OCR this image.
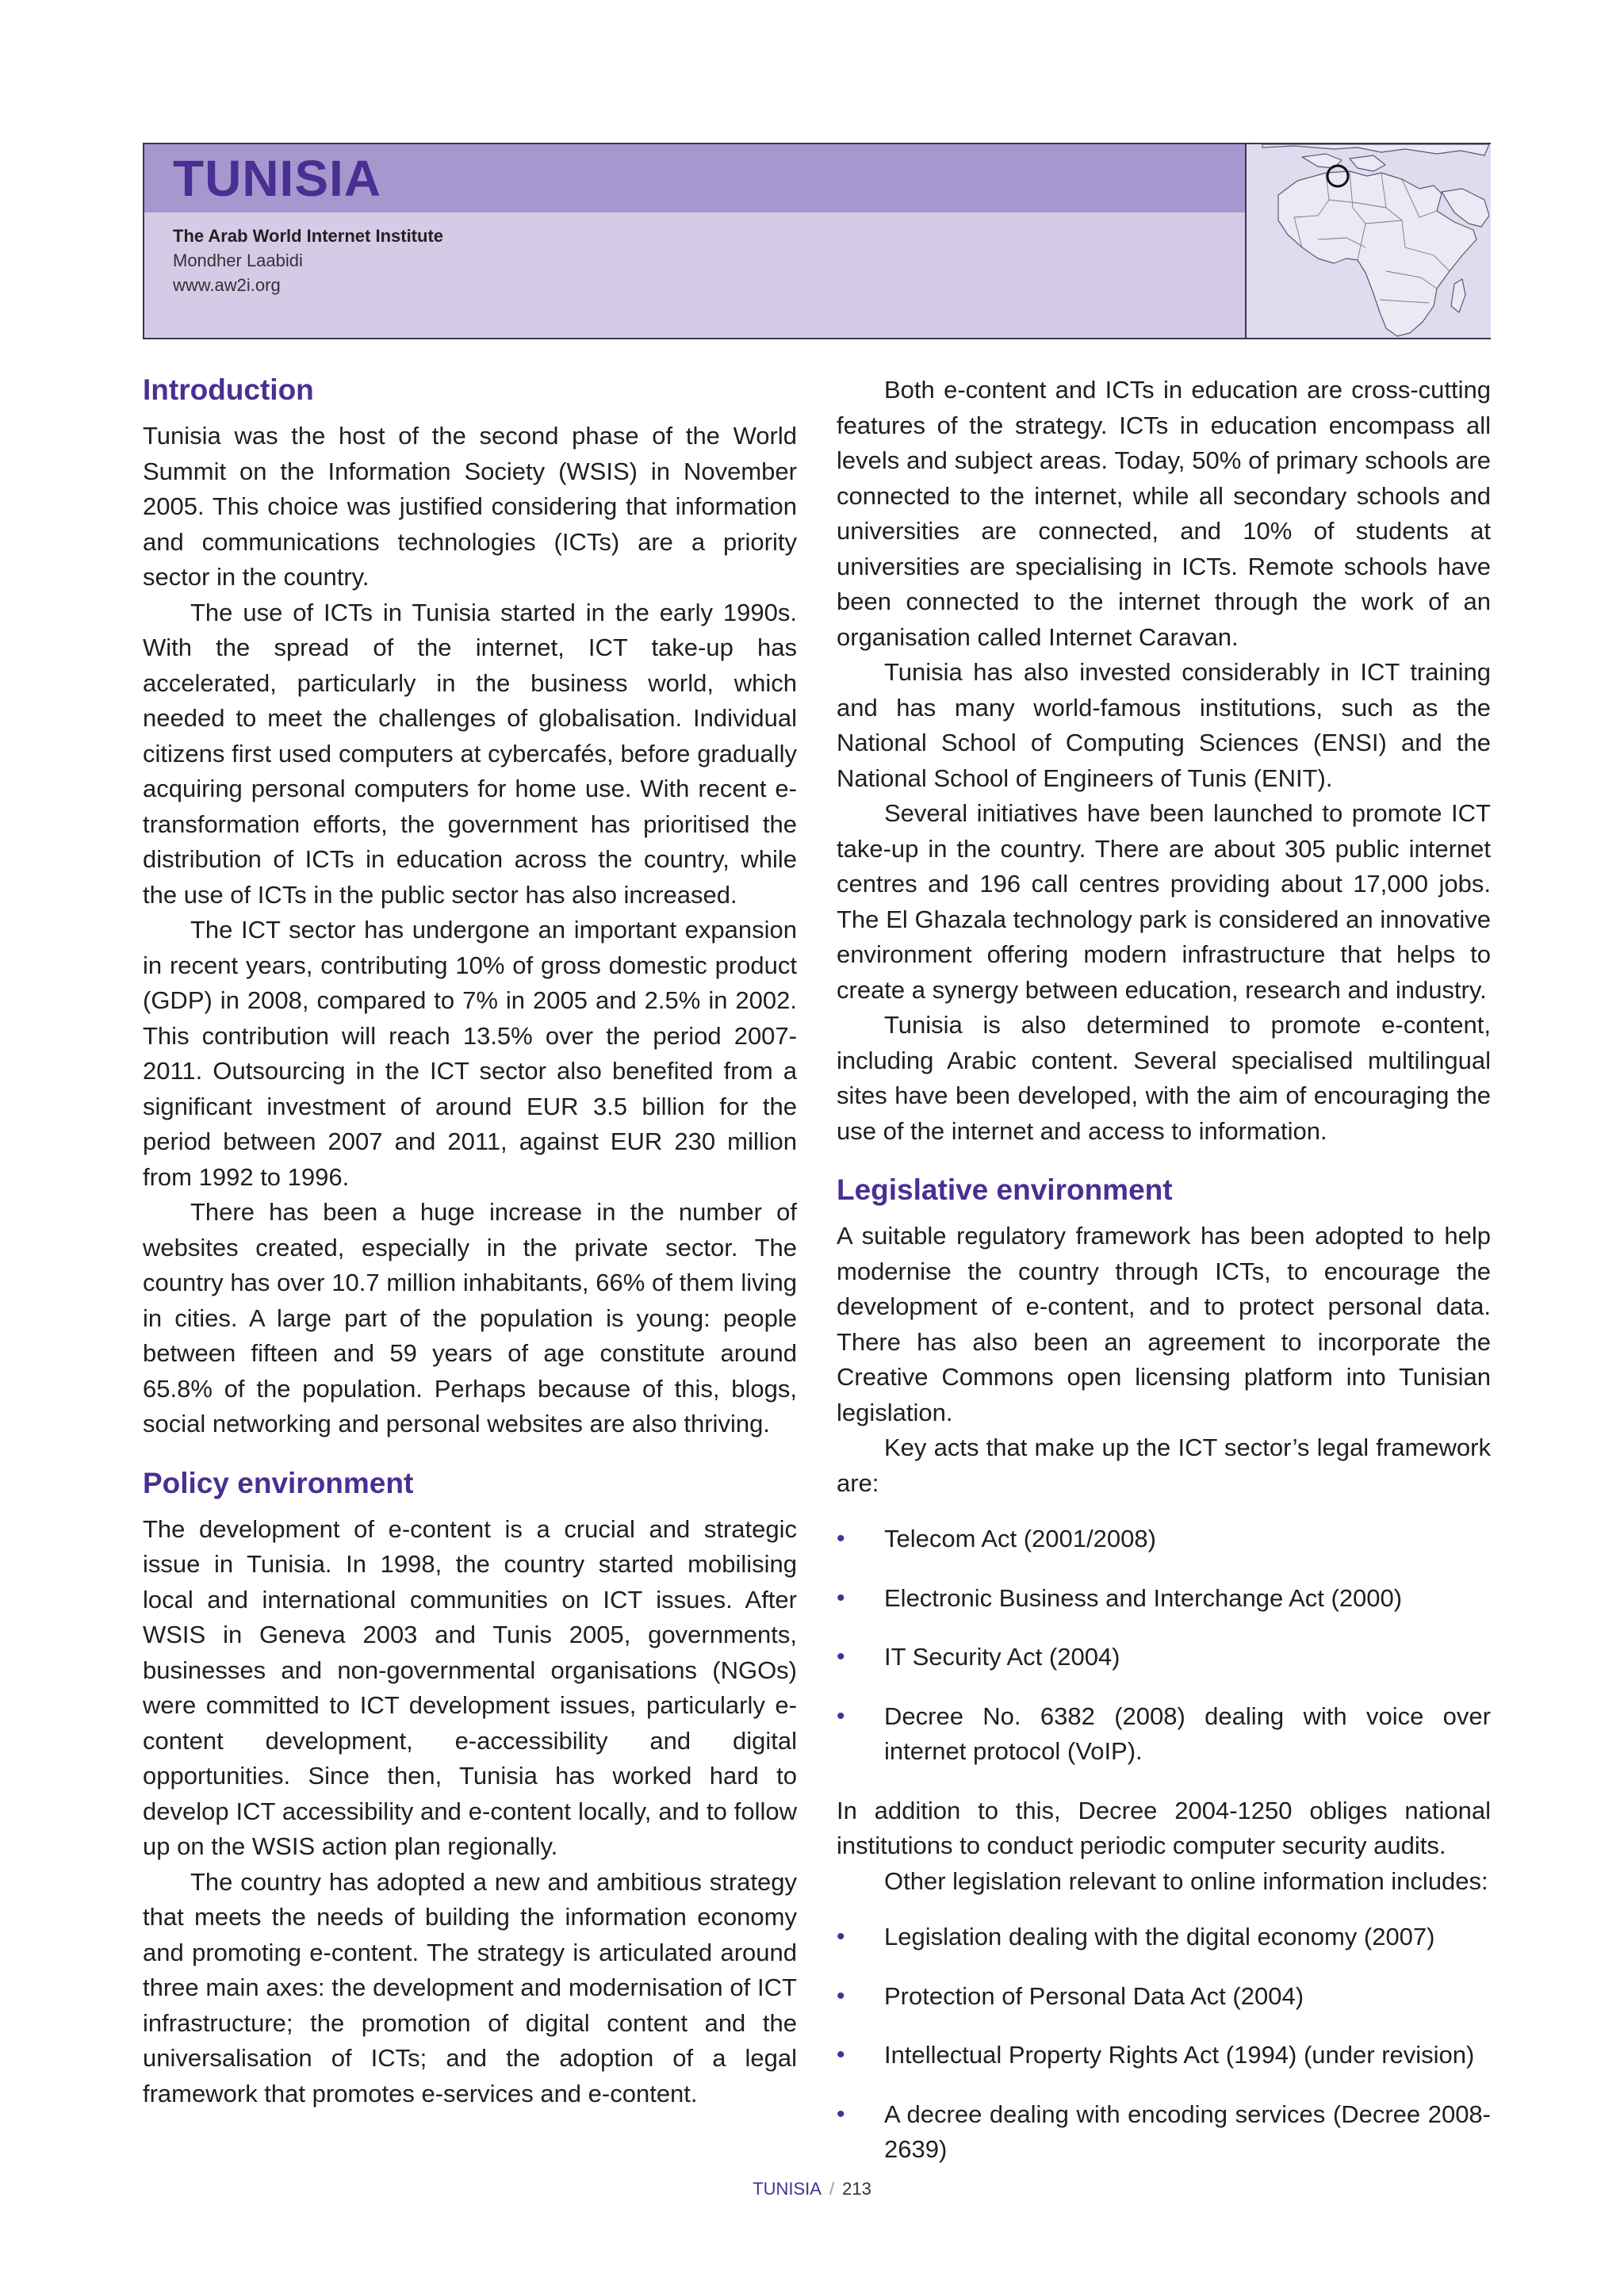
TUNISIA
The Arab World Internet Institute
Mondher Laabidi
www.aw2i.org
Introduction

Tunisia was the host of the second phase of the World Summit on the Information Society (WSIS) in November 2005. This choice was justified considering that information and communications technologies (ICTs) are a priority sector in the country.

The use of ICTs in Tunisia started in the early 1990s. With the spread of the internet, ICT take-up has accelerated, particularly in the business world, which needed to meet the challenges of globalisation. Individual citizens first used computers at cybercafés, before gradually acquiring personal computers for home use. With recent e-transformation efforts, the government has prioritised the distribution of ICTs in education across the country, while the use of ICTs in the public sector has also increased.

The ICT sector has undergone an important expansion in recent years, contributing 10% of gross domestic product (GDP) in 2008, compared to 7% in 2005 and 2.5% in 2002. This contribution will reach 13.5% over the period 2007-2011. Outsourcing in the ICT sector also benefited from a significant investment of around EUR 3.5 billion for the period between 2007 and 2011, against EUR 230 million from 1992 to 1996.

There has been a huge increase in the number of websites created, especially in the private sector. The country has over 10.7 million inhabitants, 66% of them living in cities. A large part of the population is young: people between fifteen and 59 years of age constitute around 65.8% of the population. Perhaps because of this, blogs, social networking and personal websites are also thriving.

Policy environment

The development of e-content is a crucial and strategic issue in Tunisia. In 1998, the country started mobilising local and international communities on ICT issues. After WSIS in Geneva 2003 and Tunis 2005, governments, businesses and non-governmental organisations (NGOs) were committed to ICT development issues, particularly e-content development, e-accessibility and digital opportunities. Since then, Tunisia has worked hard to develop ICT accessibility and e-content locally, and to follow up on the WSIS action plan regionally.

The country has adopted a new and ambitious strategy that meets the needs of building the information economy and promoting e-content. The strategy is articulated around three main axes: the development and modernisation of ICT infrastructure; the promotion of digital content and the universalisation of ICTs; and the adoption of a legal framework that promotes e-services and e-content.

Both e-content and ICTs in education are cross-cutting features of the strategy. ICTs in education encompass all levels and subject areas. Today, 50% of primary schools are connected to the internet, while all secondary schools and universities are connected, and 10% of students at universities are specialising in ICTs. Remote schools have been connected to the internet through the work of an organisation called Internet Caravan.

Tunisia has also invested considerably in ICT training and has many world-famous institutions, such as the National School of Computing Sciences (ENSI) and the National School of Engineers of Tunis (ENIT).

Several initiatives have been launched to promote ICT take-up in the country. There are about 305 public internet centres and 196 call centres providing about 17,000 jobs. The El Ghazala technology park is considered an innovative environment offering modern infrastructure that helps to create a synergy between education, research and industry.

Tunisia is also determined to promote e-content, including Arabic content. Several specialised multilingual sites have been developed, with the aim of encouraging the use of the internet and access to information.

Legislative environment

A suitable regulatory framework has been adopted to help modernise the country through ICTs, to encourage the development of e-content, and to protect personal data. There has also been an agreement to incorporate the Creative Commons open licensing platform into Tunisian legislation.

Key acts that make up the ICT sector’s legal framework are:

• Telecom Act (2001/2008)
• Electronic Business and Interchange Act (2000)
• IT Security Act (2004)
• Decree No. 6382 (2008) dealing with voice over internet protocol (VoIP).

In addition to this, Decree 2004-1250 obliges national institutions to conduct periodic computer security audits.

Other legislation relevant to online information includes:

• Legislation dealing with the digital economy (2007)
• Protection of Personal Data Act (2004)
• Intellectual Property Rights Act (1994) (under revision)
• A decree dealing with encoding services (Decree 2008-2639)
TUNISIA / 213
